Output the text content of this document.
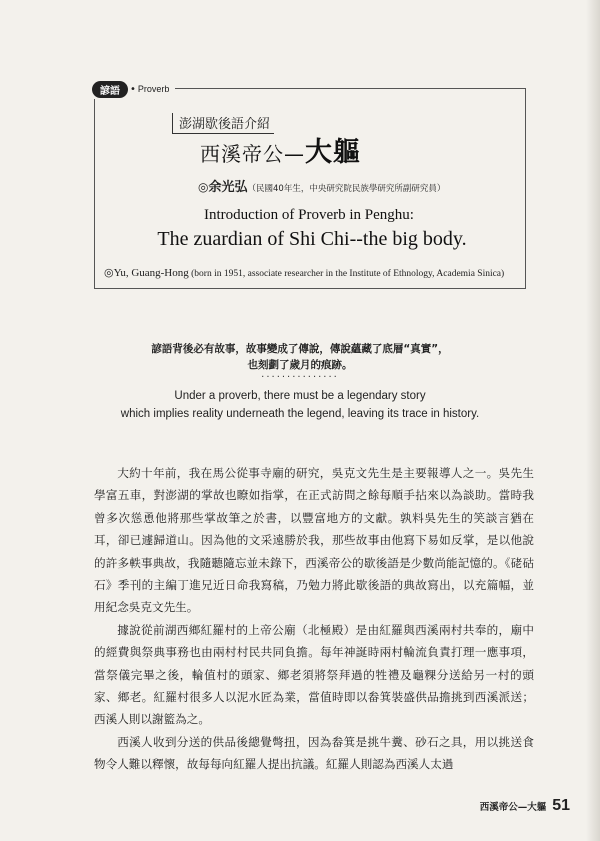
諺語	• Proverb
澎湖歇後語介紹
西溪帝公—大軀
◎余光弘（民國40年生，中央研究院民族學研究所副研究員）
Introduction of Proverb in Penghu:
The zuardian of Shi Chi--the big body.
◎Yu, Guang-Hong (born in 1951, associate researcher in the Institute of Ethnology, Academia Sinica)
諺語背後必有故事，故事變成了傳說，傳說蘊藏了底層“真實”，
也刻劃了歲月的痕跡。
···············
Under a proverb, there must be a legendary story
which implies reality underneath the legend, leaving its trace in history.

大約十年前，我在馬公從事寺廟的研究，吳克文先生是主要報導人之一。吳先生學富五車，對澎湖的掌故也瞭如指掌，在正式訪問之餘每順手拈來以為談助。當時我曾多次慫恿他將那些掌故筆之於書，以豐富地方的文獻。孰料吳先生的笑談言猶在耳，卻已遽歸道山。因為他的文采遠勝於我，那些故事由他寫下易如反掌，是以他說的許多軼事典故，我隨聽隨忘並未錄下，西溪帝公的歇後語是少數尚能記憶的。《硓𥑮石》季刊的主編丁進兄近日命我寫稿，乃勉力將此歇後語的典故寫出，以充篇幅，並用紀念吳克文先生。

據說從前湖西鄉紅羅村的上帝公廟（北極殿）是由紅羅與西溪兩村共奉的，廟中的經費與祭典事務也由兩村村民共同負擔。每年神誕時兩村輪流負責打理一應事項，當祭儀完畢之後，輪值村的頭家、鄉老須將祭拜過的牲禮及龜粿分送給另一村的頭家、鄉老。紅羅村很多人以泥水匠為業，當值時即以畚箕裝盛供品擔挑到西溪派送；西溪人則以謝籃為之。

西溪人收到分送的供品後總覺彆扭，因為畚箕是挑牛糞、砂石之具，用以挑送食物令人難以釋懷，故每每向紅羅人提出抗議。紅羅人則認為西溪人太過

西溪帝公—大軀 51
